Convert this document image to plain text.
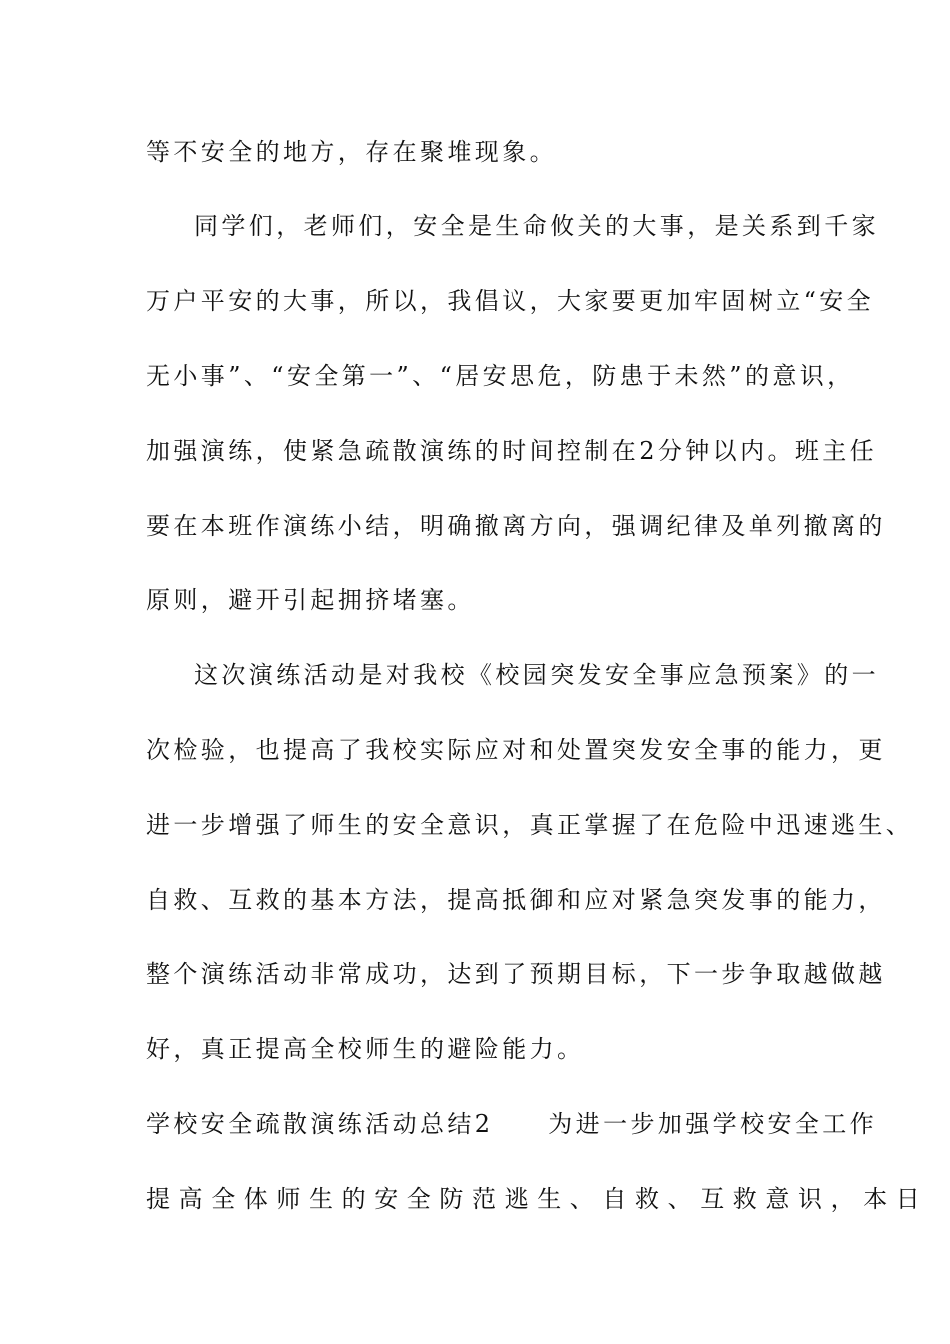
等不安全的地方，存在聚堆现象。
同学们，老师们，安全是生命攸关的大事，是关系到千家
万户平安的大事，所以，我倡议，大家要更加牢固树立“安全
无小事”、“安全第一”、“居安思危，防患于未然”的意识，
加强演练，使紧急疏散演练的时间控制在2分钟以内。班主任
要在本班作演练小结，明确撤离方向，强调纪律及单列撤离的
原则，避开引起拥挤堵塞。
这次演练活动是对我校《校园突发安全事应急预案》的一
次检验，也提高了我校实际应对和处置突发安全事的能力，更
进一步增强了师生的安全意识，真正掌握了在危险中迅速逃生、
自救、互救的基本方法，提高抵御和应对紧急突发事的能力，
整个演练活动非常成功，达到了预期目标，下一步争取越做越
好，真正提高全校师生的避险能力。
学校安全疏散演练活动总结2　　为进一步加强学校安全工作
提高全体师生的安全防范逃生、自救、互救意识，本日
